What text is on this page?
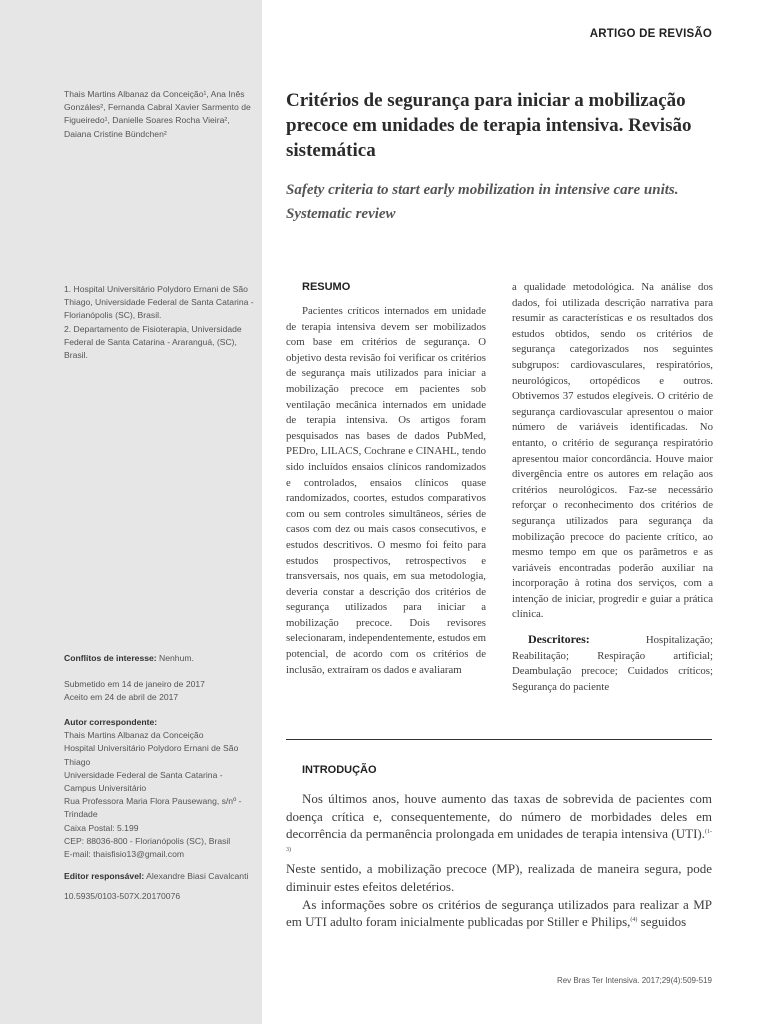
Thais Martins Albanaz da Conceição¹, Ana Inês Gonzáles², Fernanda Cabral Xavier Sarmento de Figueiredo¹, Danielle Soares Rocha Vieira², Daiana Cristine Bündchen²
1. Hospital Universitário Polydoro Ernani de São Thiago, Universidade Federal de Santa Catarina - Florianópolis (SC), Brasil.
2. Departamento de Fisioterapia, Universidade Federal de Santa Catarina - Araranguá, (SC), Brasil.
Conflitos de interesse: Nenhum.
Submetido em 14 de janeiro de 2017
Aceito em 24 de abril de 2017
Autor correspondente:
Thais Martins Albanaz da Conceição
Hospital Universitário Polydoro Ernani de São Thiago
Universidade Federal de Santa Catarina - Campus Universitário
Rua Professora Maria Flora Pausewang, s/nº - Trindade
Caixa Postal: 5.199
CEP: 88036-800 - Florianópolis (SC), Brasil
E-mail: thaisfisio13@gmail.com
Editor responsável: Alexandre Biasi Cavalcanti
10.5935/0103-507X.20170076
ARTIGO DE REVISÃO
Critérios de segurança para iniciar a mobilização precoce em unidades de terapia intensiva. Revisão sistemática
Safety criteria to start early mobilization in intensive care units. Systematic review
RESUMO

Pacientes críticos internados em unidade de terapia intensiva devem ser mobilizados com base em critérios de segurança. O objetivo desta revisão foi verificar os critérios de segurança mais utilizados para iniciar a mobilização precoce em pacientes sob ventilação mecânica internados em unidade de terapia intensiva. Os artigos foram pesquisados nas bases de dados PubMed, PEDro, LILACS, Cochrane e CINAHL, tendo sido incluídos ensaios clínicos randomizados e controlados, ensaios clínicos quase randomizados, coortes, estudos comparativos com ou sem controles simultâneos, séries de casos com dez ou mais casos consecutivos, e estudos descritivos. O mesmo foi feito para estudos prospectivos, retrospectivos e transversais, nos quais, em sua metodologia, deveria constar a descrição dos critérios de segurança utilizados para iniciar a mobilização precoce. Dois revisores selecionaram, independentemente, estudos em potencial, de acordo com os critérios de inclusão, extraíram os dados e avaliaram

a qualidade metodológica. Na análise dos dados, foi utilizada descrição narrativa para resumir as características e os resultados dos estudos obtidos, sendo os critérios de segurança categorizados nos seguintes subgrupos: cardiovasculares, respiratórios, neurológicos, ortopédicos e outros. Obtivemos 37 estudos elegíveis. O critério de segurança cardiovascular apresentou o maior número de variáveis identificadas. No entanto, o critério de segurança respiratório apresentou maior concordância. Houve maior divergência entre os autores em relação aos critérios neurológicos. Faz-se necessário reforçar o reconhecimento dos critérios de segurança utilizados para segurança da mobilização precoce do paciente crítico, ao mesmo tempo em que os parâmetros e as variáveis encontradas poderão auxiliar na incorporação à rotina dos serviços, com a intenção de iniciar, progredir e guiar a prática clínica.

Descritores:	Hospitalização; Reabilitação; Respiração artificial; Deambulação precoce; Cuidados críticos; Segurança do paciente

INTRODUÇÃO

Nos últimos anos, houve aumento das taxas de sobrevida de pacientes com doença crítica e, consequentemente, do número de morbidades deles em decorrência da permanência prolongada em unidades de terapia intensiva (UTI).$^{(1-3)}$

Neste sentido, a mobilização precoce (MP), realizada de maneira segura, pode diminuir estes efeitos deletérios.

As informações sobre os critérios de segurança utilizados para realizar a MP em UTI adulto foram inicialmente publicadas por Stiller e Philips,$^{(4)}$ seguidos

Rev Bras Ter Intensiva. 2017;29(4):509-519
